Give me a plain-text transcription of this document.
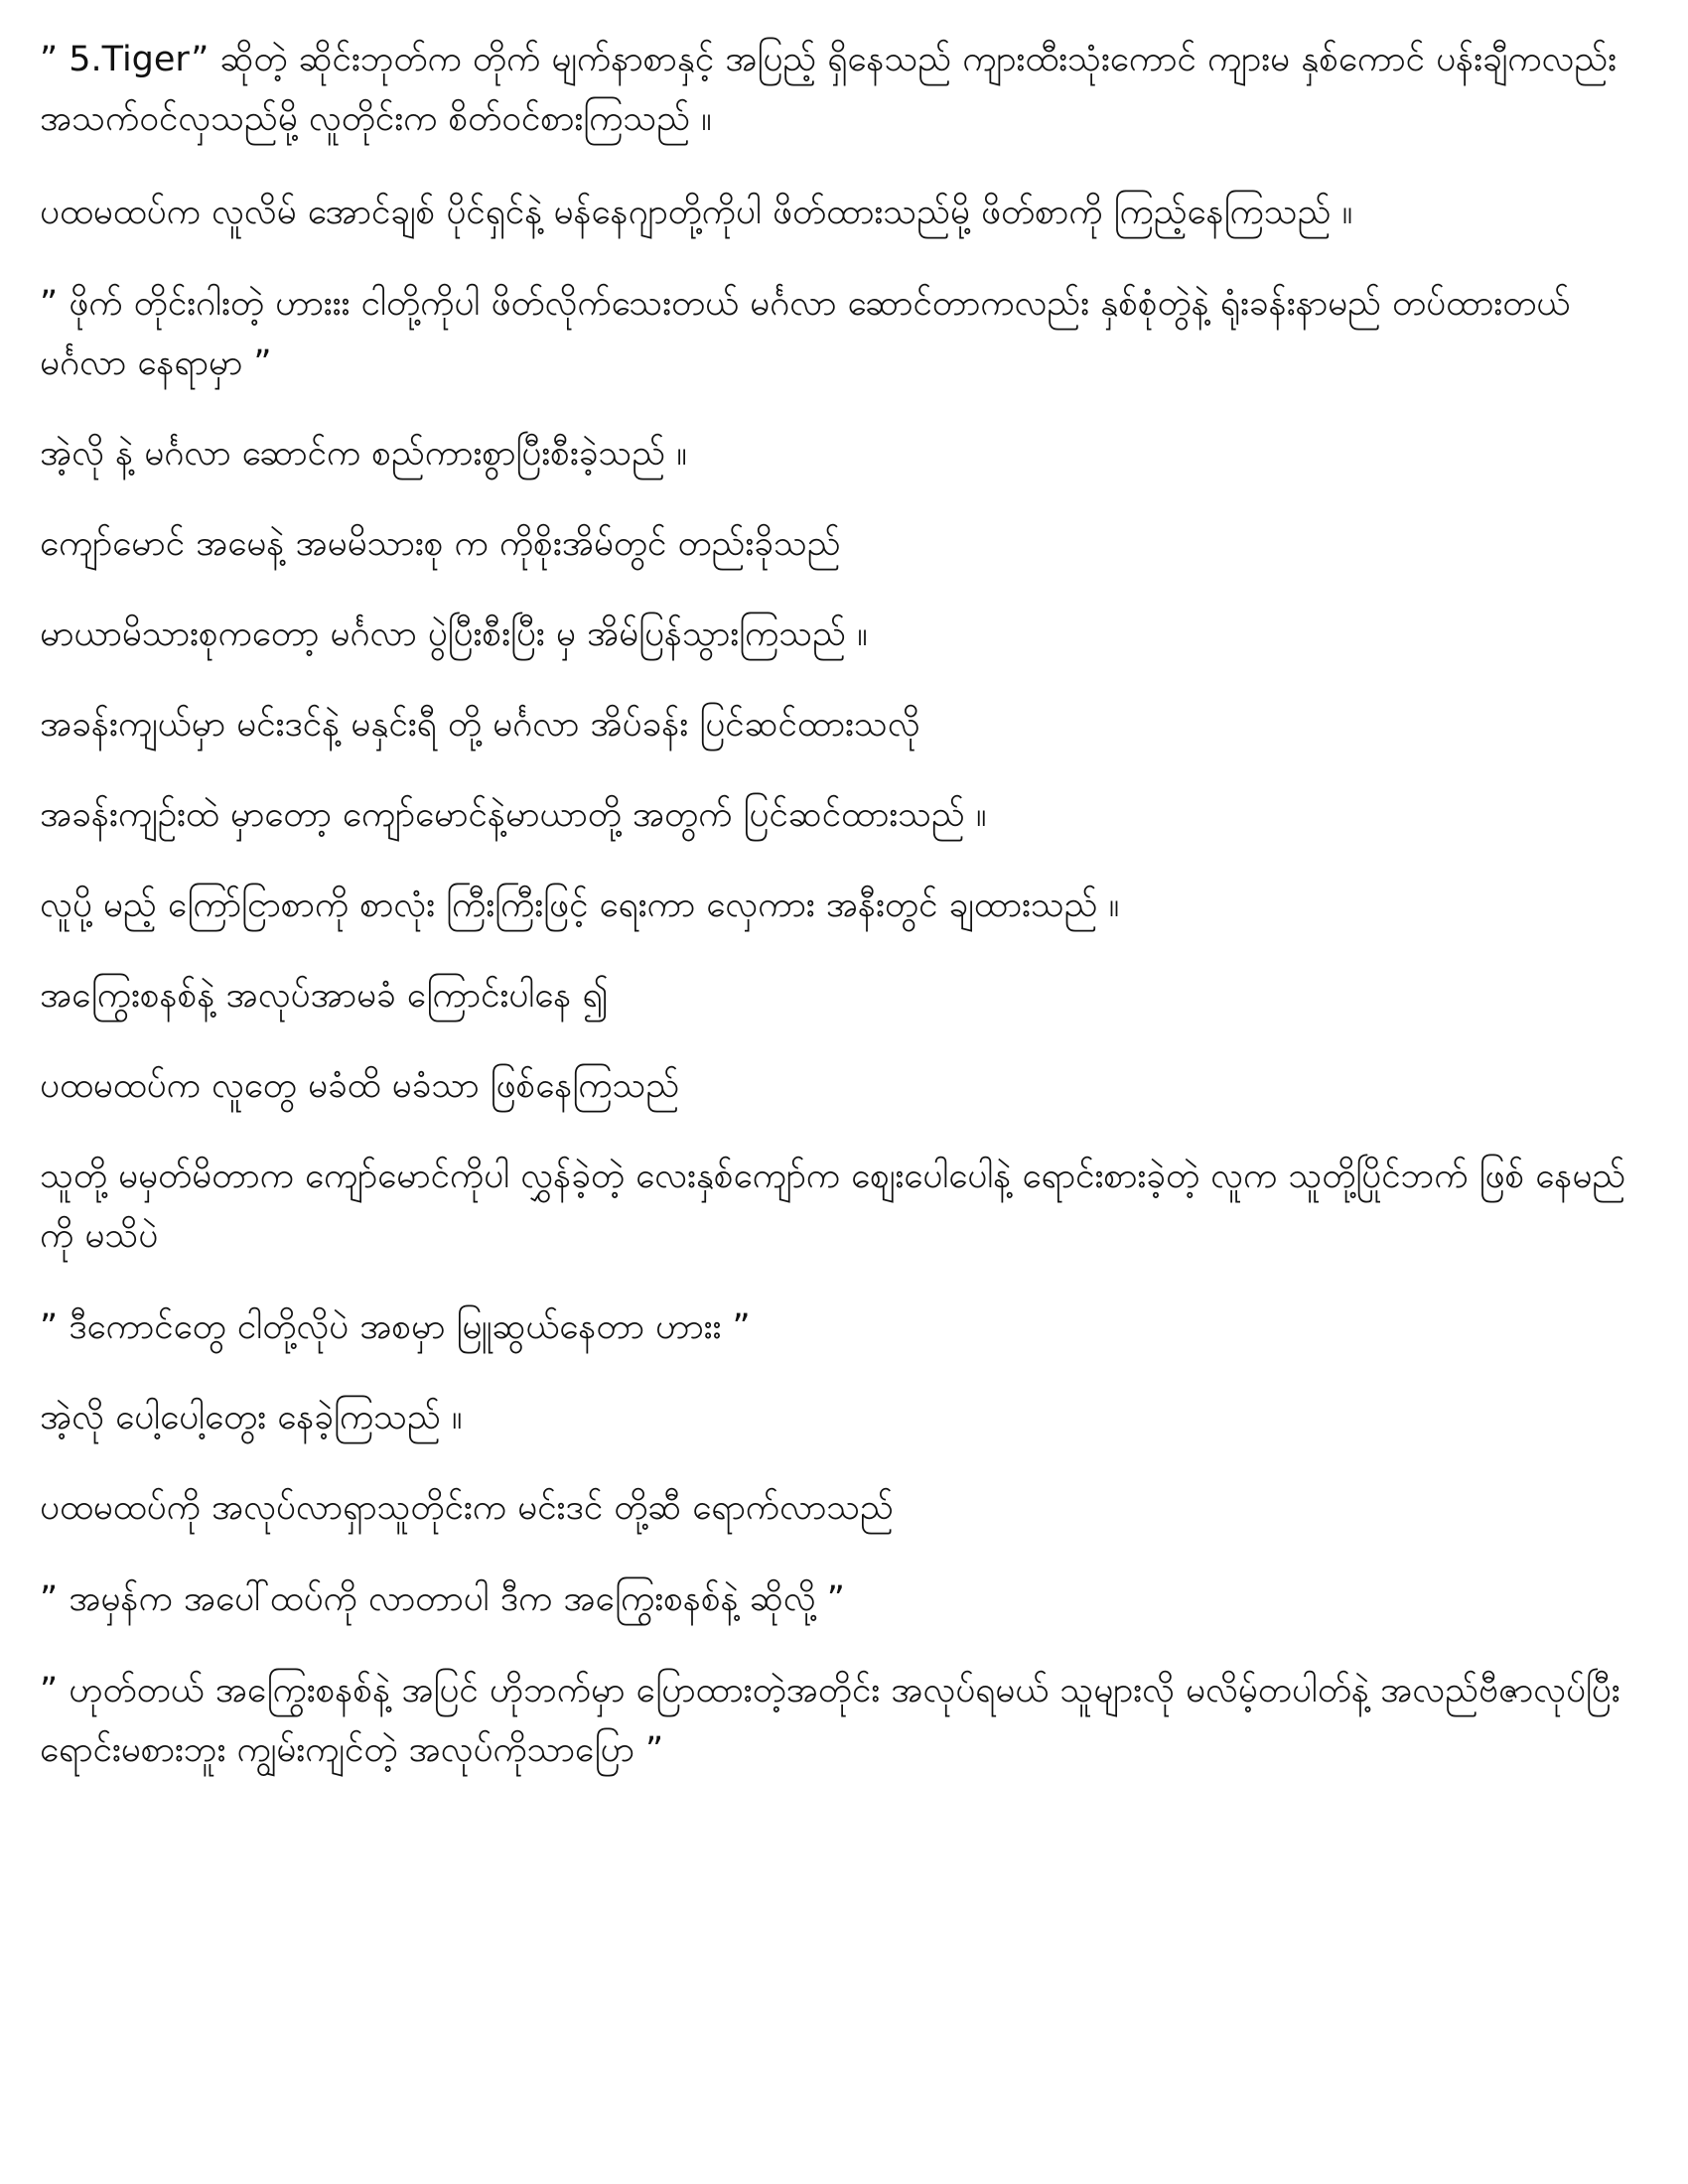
” 5.Tiger” ဆိုတဲ့ ဆိုင်းဘုတ်က တိုက် မျက်နာစာနှင့် အပြည့် ရှိနေသည် ကျားထီးသုံးကောင် ကျားမ နှစ်ကောင် ပန်းချီကလည်း အသက်ဝင်လှသည်မို့ လူတိုင်းက စိတ်ဝင်စားကြသည် ။

ပထမထပ်က လူလိမ် အောင်ချစ် ပိုင်ရှင်နဲ့ မန်နေဂျာတို့ကိုပါ ဖိတ်ထားသည်မို့ ဖိတ်စာကို ကြည့်နေကြသည် ။

” ဖိုက် တိုင်းဂါးတဲ့ ဟားးး ငါတို့ကိုပါ ဖိတ်လိုက်သေးတယ် မင်္ဂလာ ဆောင်တာကလည်း နှစ်စုံတွဲနဲ့ ရုံးခန်းနာမည် တပ်ထားတယ် မင်္ဂလာ နေရာမှာ ”

အဲ့လို နဲ့ မင်္ဂလာ ဆောင်က စည်ကားစွာပြီးစီးခဲ့သည် ။

ကျော်မောင် အမေနဲ့ အမမိသားစု က ကိုစိုးအိမ်တွင် တည်းခိုသည်

မာယာမိသားစုကတော့ မင်္ဂလာ ပွဲပြီးစီးပြီး မှ အိမ်ပြန်သွားကြသည် ။

အခန်းကျယ်မှာ မင်းဒင်နဲ့ မနှင်းရီ တို့ မင်္ဂလာ အိပ်ခန်း ပြင်ဆင်ထားသလို

အခန်းကျဉ်းထဲ မှာတော့ ကျော်မောင်နဲ့မာယာတို့ အတွက် ပြင်ဆင်ထားသည် ။

လူပို့ မည့် ကြော်ငြာစာကို စာလုံး ကြီးကြီးဖြင့် ရေးကာ လှေကား အနီးတွင် ချထားသည် ။

အကြွေးစနစ်နဲ့ အလုပ်အာမခံ ကြောင်းပါနေ ၍

ပထမထပ်က လူတွေ မခံထိ မခံသာ ဖြစ်နေကြသည်

သူတို့ မမှတ်မိတာက ကျော်မောင်ကိုပါ လွှန်ခဲ့တဲ့ လေးနှစ်ကျော်က စျေးပေါပေါနဲ့ ရောင်းစားခဲ့တဲ့ လူက သူတို့ပြိုင်ဘက် ဖြစ် နေမည်ကို မသိပဲ

” ဒီကောင်တွေ ငါတို့လိုပဲ အစမှာ မြူဆွယ်နေတာ ဟားး ”

အဲ့လို ပေါ့ပေါ့တွေး နေခဲ့ကြသည် ။

ပထမထပ်ကို အလုပ်လာရှာသူတိုင်းက မင်းဒင် တို့ဆီ ရောက်လာသည်

” အမှန်က အပေါ်ထပ်ကို လာတာပါ ဒီက အကြွေးစနစ်နဲ့ ဆိုလို့ ”

” ဟုတ်တယ် အကြွေးစနစ်နဲ့ အပြင် ဟိုဘက်မှာ ပြောထားတဲ့အတိုင်း အလုပ်ရမယ် သူများလို မလိမ့်တပါတ်နဲ့ အလည်ဗီဇာလုပ်ပြီး ရောင်းမစားဘူး ကျွမ်းကျင်တဲ့ အလုပ်ကိုသာပြော ”
